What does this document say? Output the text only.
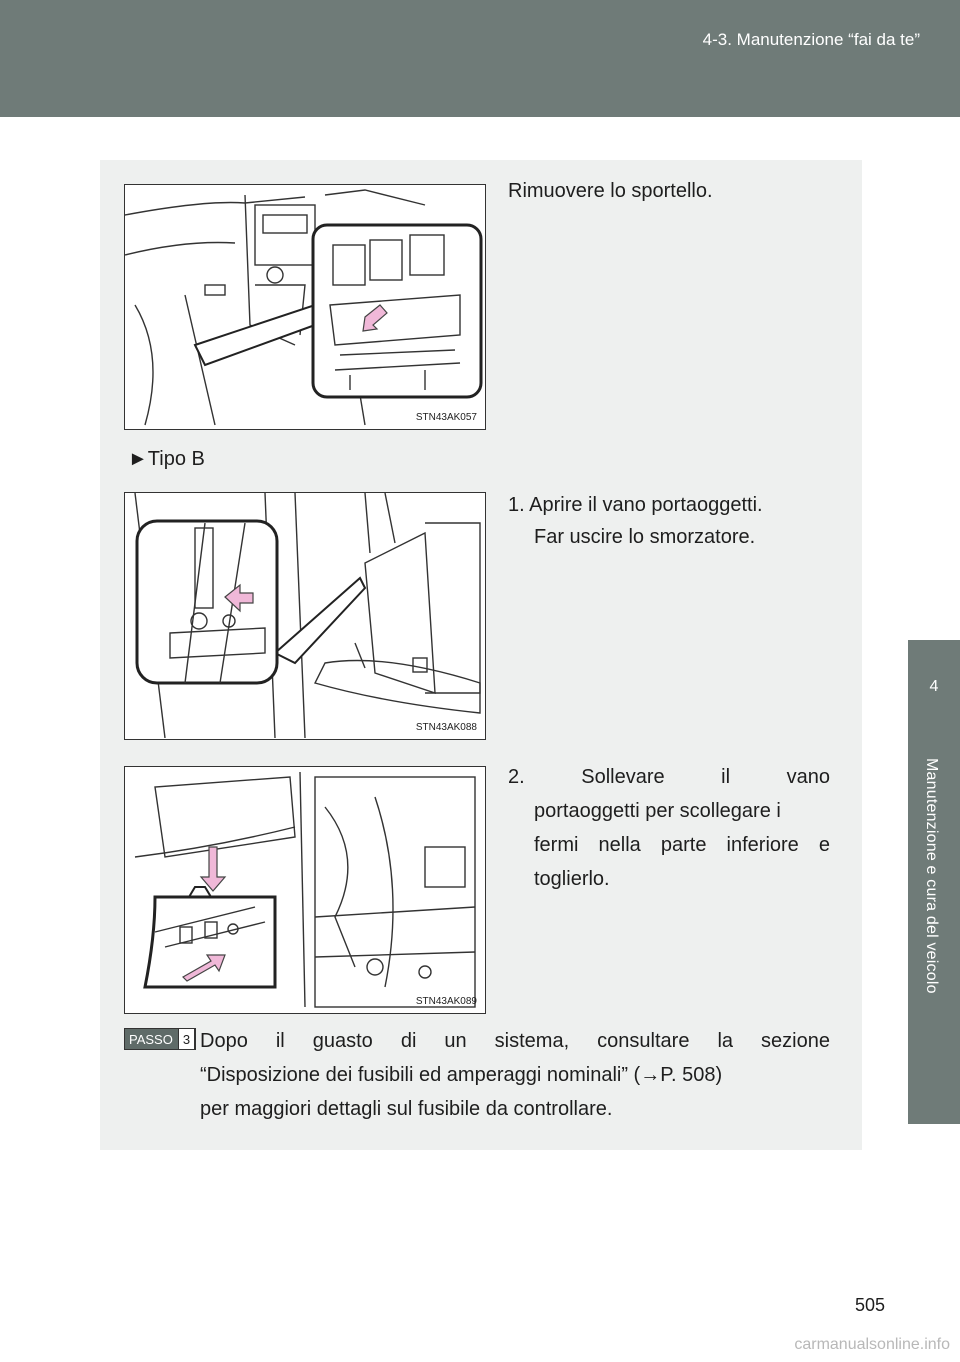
4-3. Manutenzione “fai da te”
4
Manutenzione e cura del veicolo
STN43AK057
Rimuovere lo sportello.
►Tipo B
STN43AK088
1. Aprire il vano portaoggetti.
Far uscire lo smorzatore.
STN43AK089
2. Sollevare il vano
portaoggetti per scollegare i
fermi nella parte inferiore e
toglierlo.
PASSO 3 Dopo il guasto di un sistema, consultare la sezione
“Disposizione dei fusibili ed amperaggi nominali” (→P. 508)
per maggiori dettagli sul fusibile da controllare.
505
carmanualsonline.info
